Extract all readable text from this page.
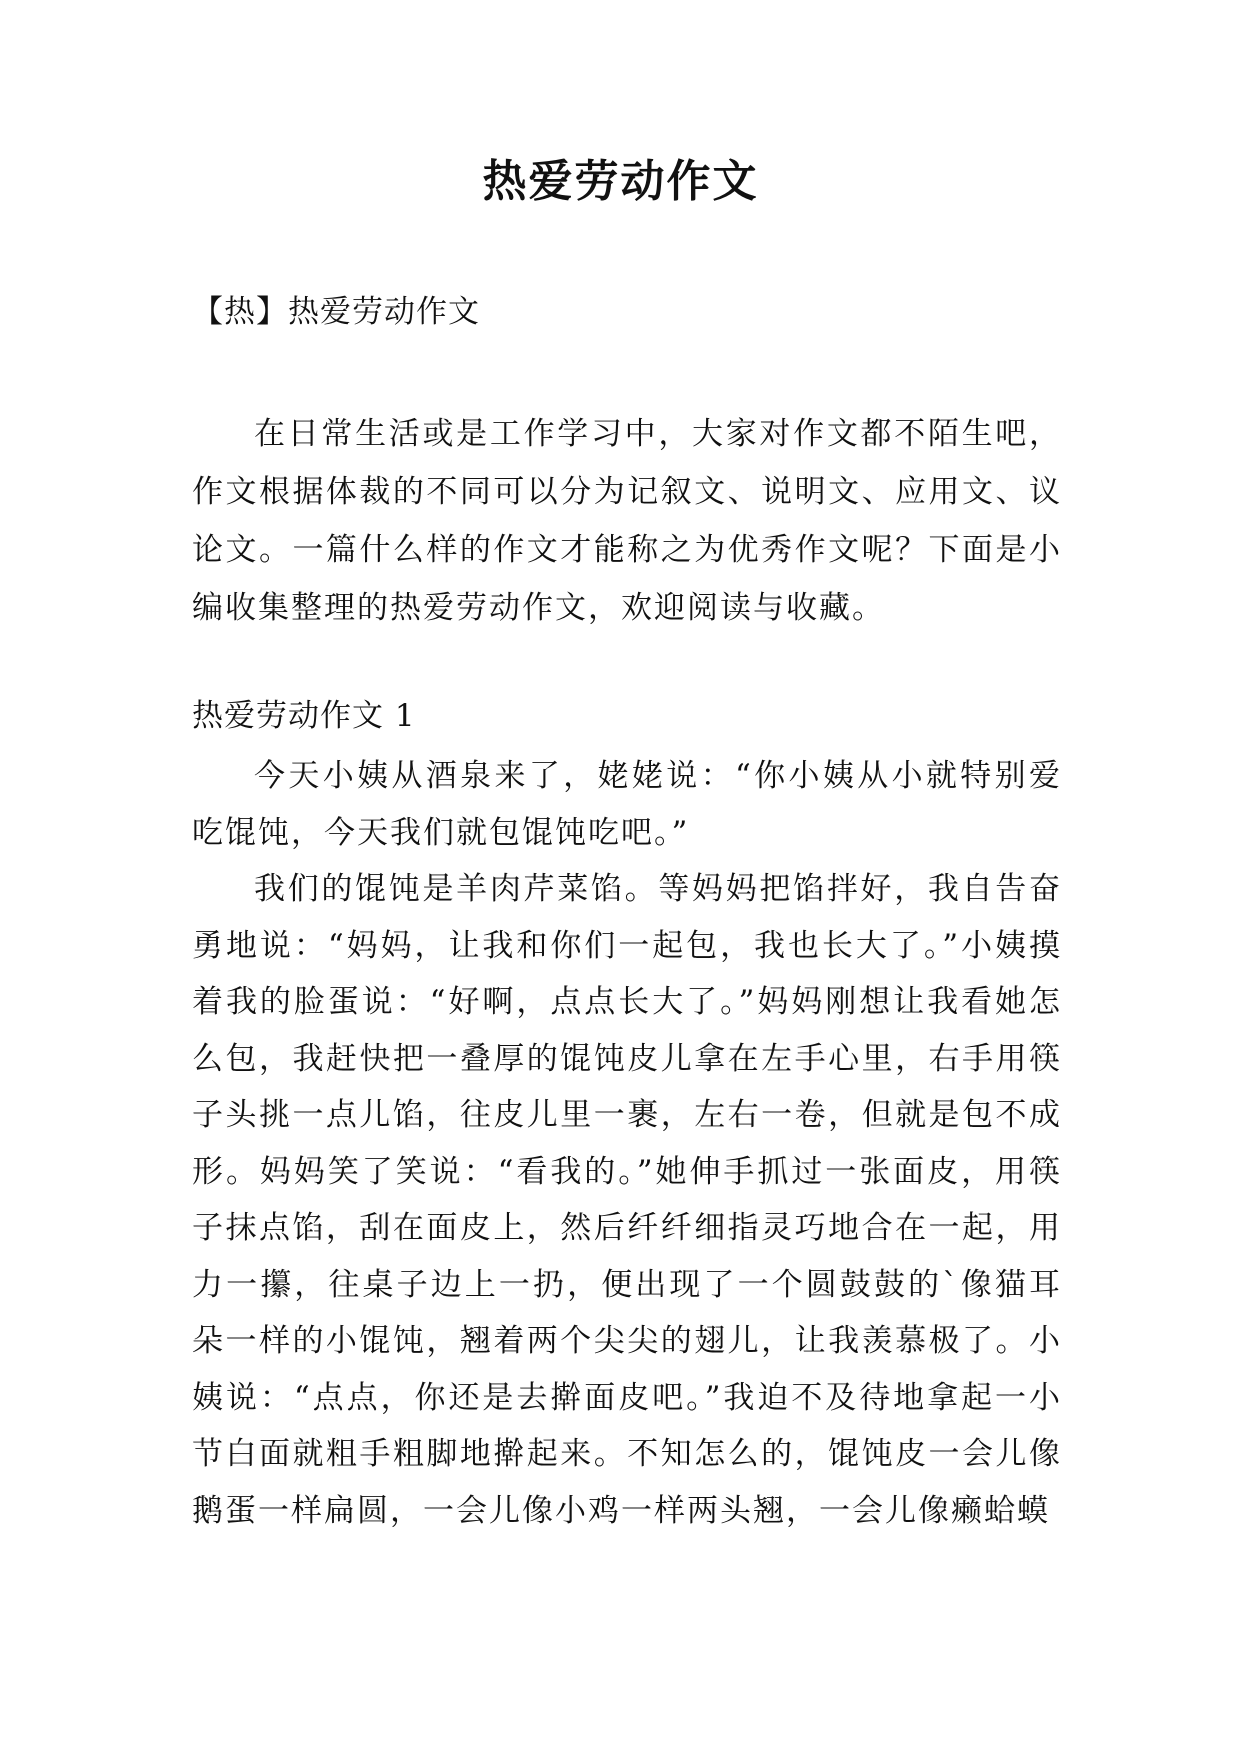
热爱劳动作文

【热】热爱劳动作文

在日常生活或是工作学习中，大家对作文都不陌生吧，作文根据体裁的不同可以分为记叙文、说明文、应用文、议论文。一篇什么样的作文才能称之为优秀作文呢？下面是小编收集整理的热爱劳动作文，欢迎阅读与收藏。

热爱劳动作文 1

今天小姨从酒泉来了，姥姥说：“你小姨从小就特别爱吃馄饨，今天我们就包馄饨吃吧。”

我们的馄饨是羊肉芹菜馅。等妈妈把馅拌好，我自告奋勇地说：“妈妈，让我和你们一起包，我也长大了。”小姨摸着我的脸蛋说：“好啊，点点长大了。”妈妈刚想让我看她怎么包，我赶快把一叠厚的馄饨皮儿拿在左手心里，右手用筷子头挑一点儿馅，往皮儿里一裹，左右一卷，但就是包不成形。妈妈笑了笑说：“看我的。”她伸手抓过一张面皮，用筷子抹点馅，刮在面皮上，然后纤纤细指灵巧地合在一起，用力一攥，往桌子边上一扔，便出现了一个圆鼓鼓的`像猫耳朵一样的小馄饨，翘着两个尖尖的翅儿，让我羡慕极了。小姨说：“点点，你还是去擀面皮吧。”我迫不及待地拿起一小节白面就粗手粗脚地擀起来。不知怎么的，馄饨皮一会儿像鹅蛋一样扁圆，一会儿像小鸡一样两头翘，一会儿像癞蛤蟆
